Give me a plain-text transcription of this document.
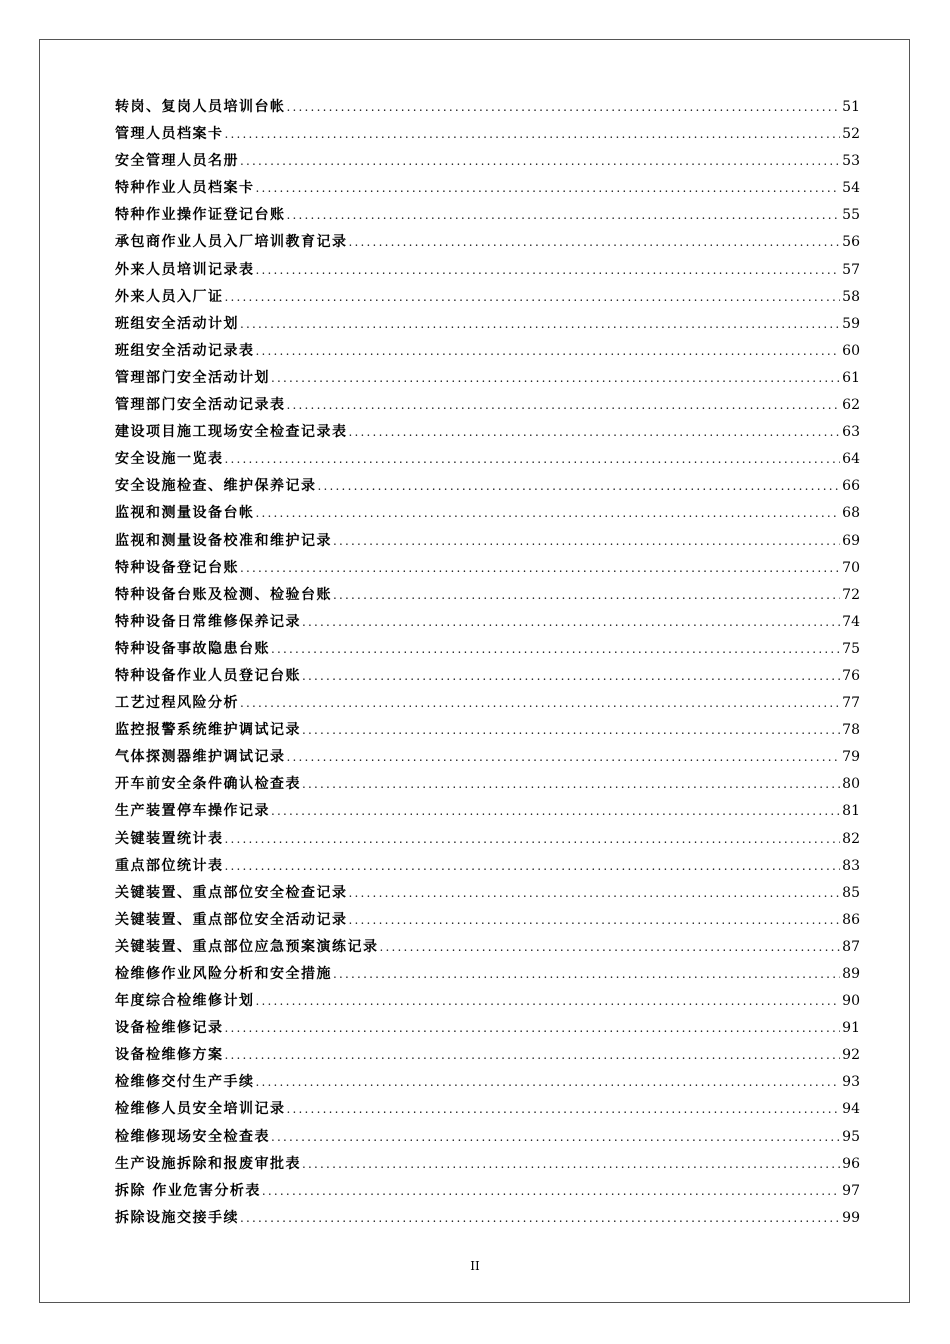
转岗、复岗人员培训台帐 .....	51
管理人员档案卡 .....	52
安全管理人员名册 .....	53
特种作业人员档案卡 .....	54
特种作业操作证登记台账 .....	55
承包商作业人员入厂培训教育记录 .....	56
外来人员培训记录表 .....	57
外来人员入厂证 .....	58
班组安全活动计划 .....	59
班组安全活动记录表 .....	60
管理部门安全活动计划 .....	61
管理部门安全活动记录表 .....	62
建设项目施工现场安全检查记录表 .....	63
安全设施一览表 .....	64
安全设施检查、维护保养记录 .....	66
监视和测量设备台帐 .....	68
监视和测量设备校准和维护记录 .....	69
特种设备登记台账 .....	70
特种设备台账及检测、检验台账 .....	72
特种设备日常维修保养记录 .....	74
特种设备事故隐患台账 .....	75
特种设备作业人员登记台账 .....	76
工艺过程风险分析 .....	77
监控报警系统维护调试记录 .....	78
气体探测器维护调试记录 .....	79
开车前安全条件确认检查表 .....	80
生产装置停车操作记录 .....	81
关键装置统计表 .....	82
重点部位统计表 .....	83
关键装置、重点部位安全检查记录 .....	85
关键装置、重点部位安全活动记录 .....	86
关键装置、重点部位应急预案演练记录 .....	87
检维修作业风险分析和安全措施 .....	89
年度综合检维修计划 .....	90
设备检维修记录 .....	91
设备检维修方案 .....	92
检维修交付生产手续 .....	93
检维修人员安全培训记录 .....	94
检维修现场安全检查表 .....	95
生产设施拆除和报废审批表 .....	96
拆除 作业危害分析表 .....	97
拆除设施交接手续 .....	99
II
